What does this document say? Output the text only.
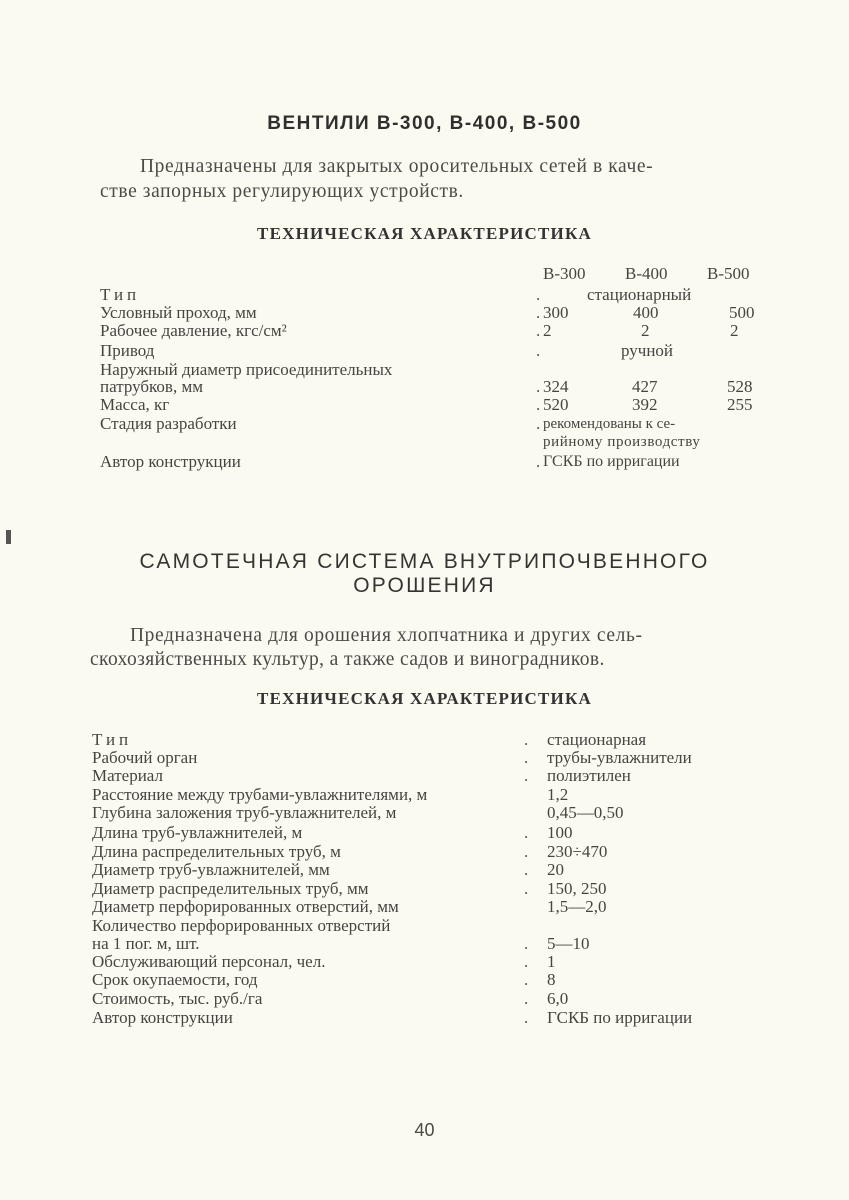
ВЕНТИЛИ В-300, В-400, В-500
Предназначены для закрытых оросительных сетей в каче-
стве запорных регулирующих устройств.
ТЕХНИЧЕСКАЯ ХАРАКТЕРИСТИКА
В-300 В-400 В-500
Тип	.	стационарный
Условный проход, мм	. 300	400	500
Рабочее давление, кгс/см²	. 2	2	2
Привод	.	ручной
Наружный диаметр присоединительных
патрубков, мм	. 324	427	528
Масса, кг	. 520	392	255
Стадия разработки	. рекомендованы к се-
рийному производству
Автор конструкции	. ГСКБ по ирригации
САМОТЕЧНАЯ СИСТЕМА ВНУТРИПОЧВЕННОГО
ОРОШЕНИЯ
Предназначена для орошения хлопчатника и других сель-
скохозяйственных культур, а также садов и виноградников.
ТЕХНИЧЕСКАЯ ХАРАКТЕРИСТИКА
Тип	. стационарная
Рабочий орган	. трубы-увлажнители
Материал	. полиэтилен
Расстояние между трубами-увлажнителями, м	1,2
Глубина заложения труб-увлажнителей, м	0,45—0,50
Длина труб-увлажнителей, м	. 100
Длина распределительных труб, м	. 230÷470
Диаметр труб-увлажнителей, мм	. 20
Диаметр распределительных труб, мм	. 150, 250
Диаметр перфорированных отверстий, мм	1,5—2,0
Количество перфорированных отверстий
на 1 пог. м, шт.	. 5—10
Обслуживающий персонал, чел.	. 1
Срок окупаемости, год	. 8
Стоимость, тыс. руб./га	. 6,0
Автор конструкции	. ГСКБ по ирригации
40
